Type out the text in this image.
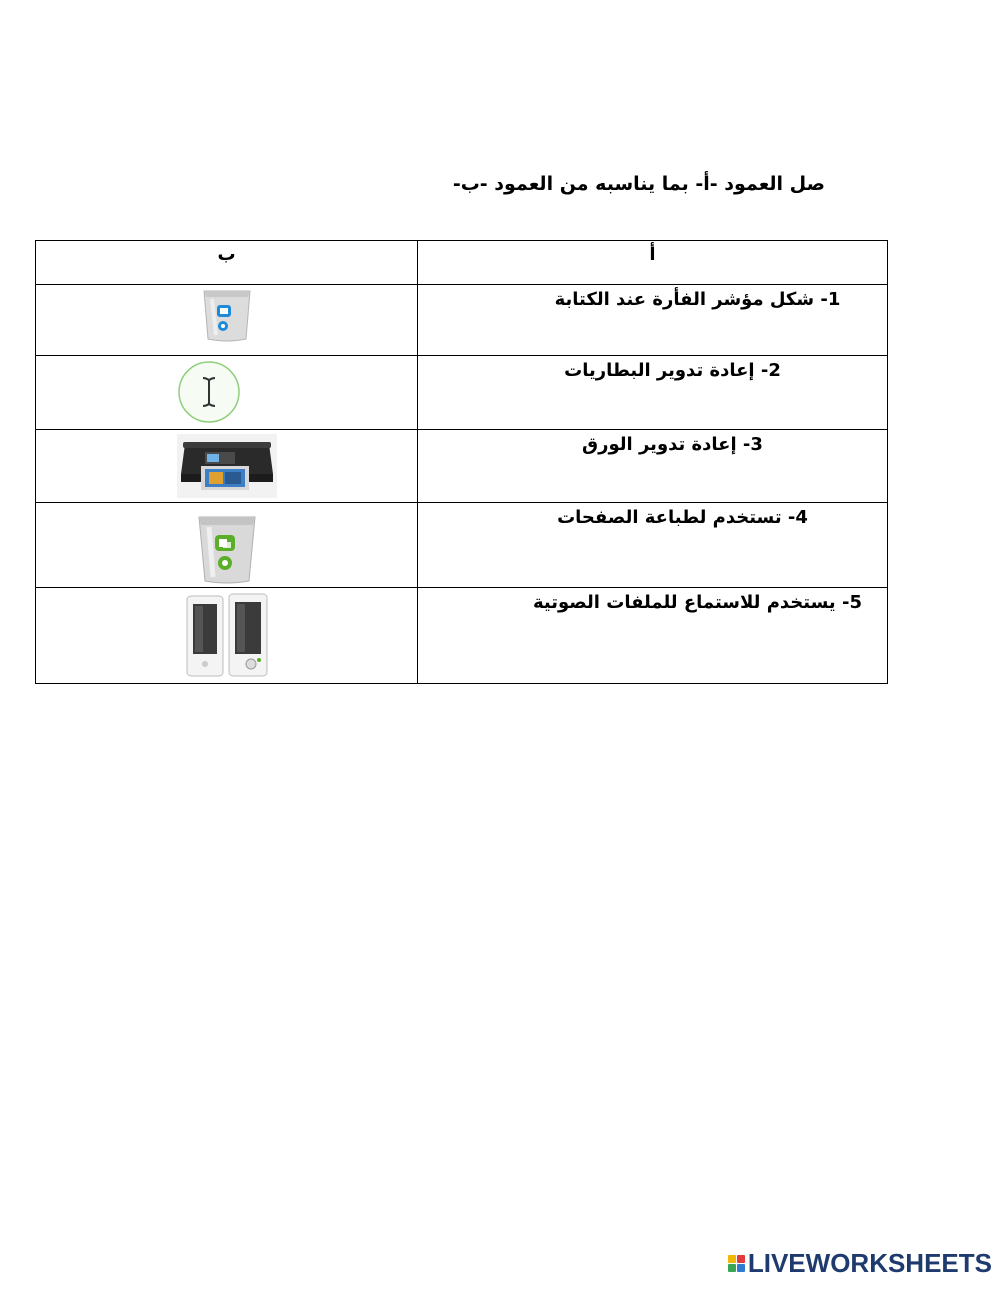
صل العمود -أ- بما يناسبه من العمود -ب-
ب	أ

1- شكل مؤشر الفأرة عند الكتابة

2- إعادة تدوير البطاريات

3- إعادة تدوير الورق

4- تستخدم لطباعة الصفحات

5- يستخدم للاستماع للملفات الصوتية
LIVEWORKSHEETS
